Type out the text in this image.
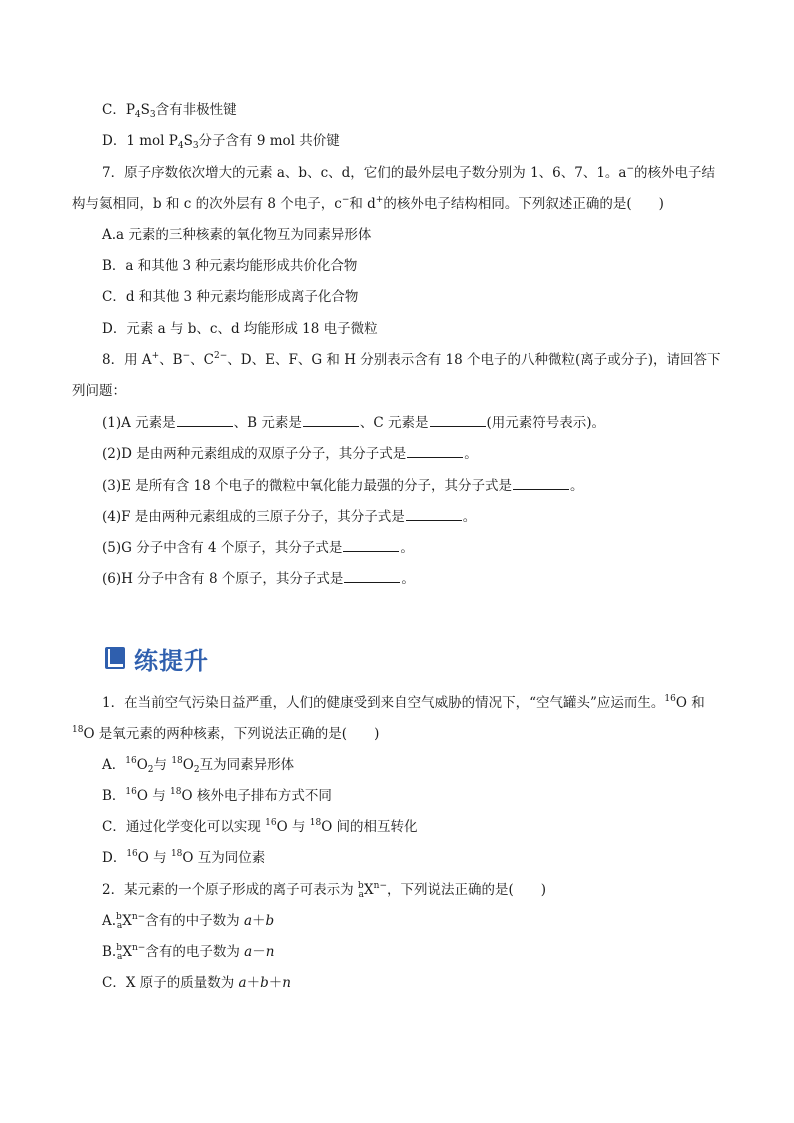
C．$P_4S_3$含有非极性键
D．1 mol $P_4S_3$分子含有 9 mol 共价键
7．原子序数依次增大的元素 a、b、c、d，它们的最外层电子数分别为 1、6、7、1。a−的核外电子结
构与氦相同，b 和 c 的次外层有 8 个电子，c−和 d+的核外电子结构相同。下列叙述正确的是(　　)
A.a 元素的三种核素的氧化物互为同素异形体
B．a 和其他 3 种元素均能形成共价化合物
C．d 和其他 3 种元素均能形成离子化合物
D．元素 a 与 b、c、d 均能形成 18 电子微粒
8．用 A+、B−、$C^{2-}$、D、E、F、G 和 H 分别表示含有 18 个电子的八种微粒(离子或分子)，请回答下
列问题：
(1)A 元素是	、B 元素是	、C 元素是	(用元素符号表示)。
(2)D 是由两种元素组成的双原子分子，其分子式是	。
(3)E 是所有含 18 个电子的微粒中氧化能力最强的分子，其分子式是	。
(4)F 是由两种元素组成的三原子分子，其分子式是	。
(5)G 分子中含有 4 个原子，其分子式是	。
(6)H 分子中含有 8 个原子，其分子式是	。
练提升
1．在当前空气污染日益严重，人们的健康受到来自空气威胁的情况下，“空气罐头”应运而生。$^{16}$O 和
$^{18}$O 是氧元素的两种核素，下列说法正确的是(　　)
A．$^{16}O_2$与 $^{18}O_2$互为同素异形体
B．$^{16}$O 与 $^{18}$O 核外电子排布方式不同
C．通过化学变化可以实现 $^{16}$O 与 $^{18}$O 间的相互转化
D．$^{16}$O 与 $^{18}$O 互为同位素
2．某元素的一个原子形成的离子可表示为 $^b_aX^{n-}$，下列说法正确的是(　　)
$A.^b_aX^{n-}$含有的中子数为 a＋b
$B.^b_aX^{n-}$含有的电子数为 a－n
C．X 原子的质量数为 a＋b＋n
